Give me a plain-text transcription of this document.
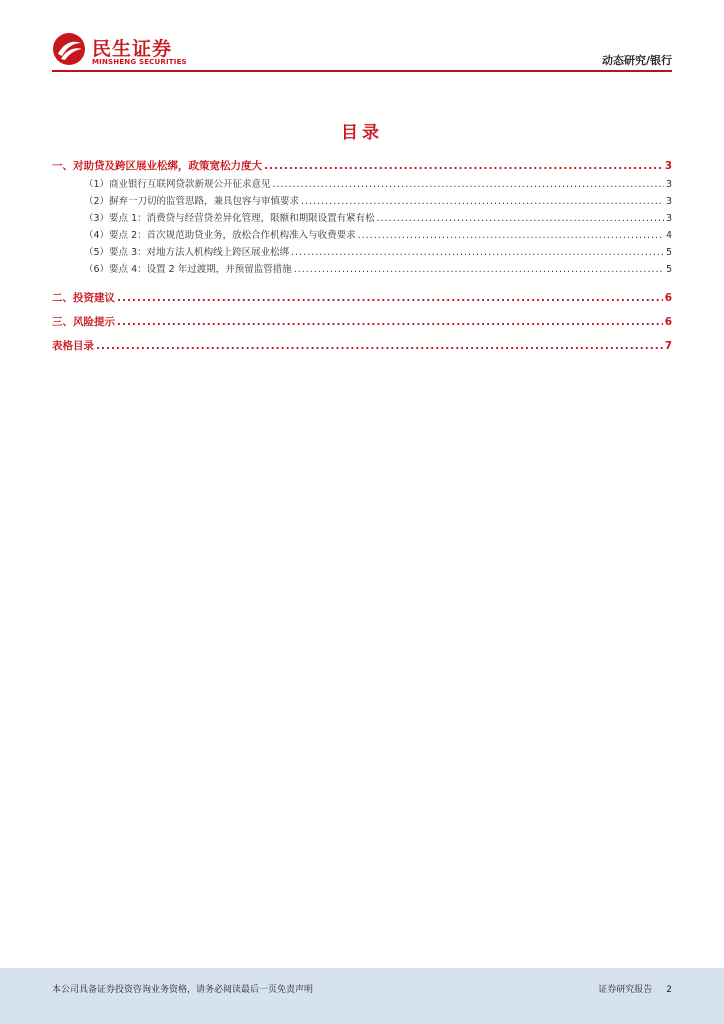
民生证券
MINSHENG SECURITIES	动态研究/银行
目录
一、对助贷及跨区展业松绑，政策宽松力度大 .....	3
（1）商业银行互联网贷款新规公开征求意见 .....	3
（2）摒弃一刀切的监管思路，兼具包容与审慎要求 .....	3
（3）要点 1：消费贷与经营贷差异化管理，限额和期限设置有紧有松 .....	3
（4）要点 2：首次规范助贷业务，放松合作机构准入与收费要求 .....	4
（5）要点 3：对地方法人机构线上跨区展业松绑 .....	5
（6）要点 4：设置 2 年过渡期，并预留监管措施 .....	5
二、投资建议 .....	6
三、风险提示 .....	6
表格目录 .....	7
本公司具备证券投资咨询业务资格，请务必阅读最后一页免责声明	证券研究报告 2
